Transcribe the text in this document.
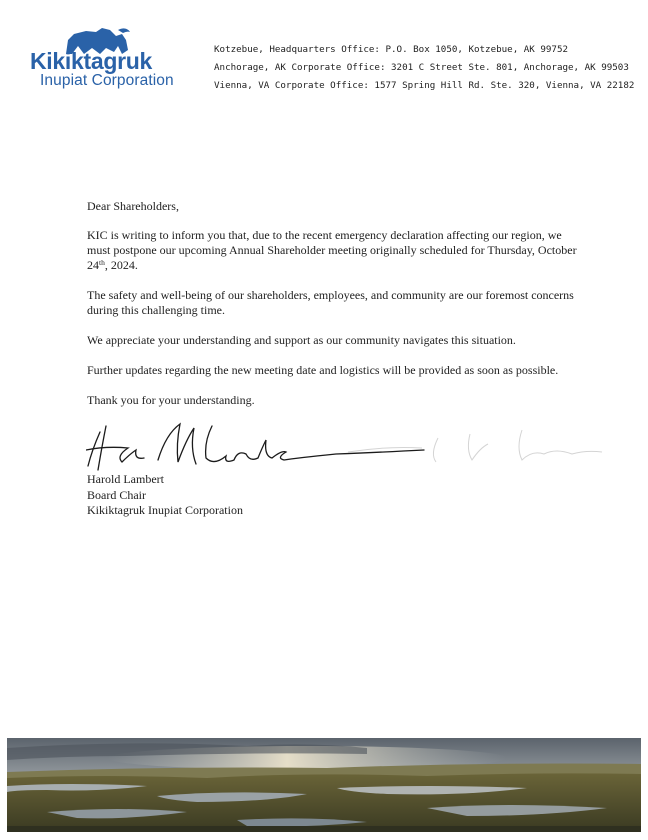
Kikiktagruk
Inupiat Corporation
Kotzebue, Headquarters Office: P.O. Box 1050, Kotzebue, AK 99752
Anchorage, AK Corporate Office: 3201 C Street Ste. 801, Anchorage, AK 99503
Vienna, VA Corporate Office: 1577 Spring Hill Rd. Ste. 320, Vienna, VA 22182

Dear Shareholders,

KIC is writing to inform you that, due to the recent emergency declaration affecting our region, we must postpone our upcoming Annual Shareholder meeting originally scheduled for Thursday, October 24th, 2024.

The safety and well-being of our shareholders, employees, and community are our foremost concerns during this challenging time.

We appreciate your understanding and support as our community navigates this situation.

Further updates regarding the new meeting date and logistics will be provided as soon as possible.

Thank you for your understanding.

Harold Lambert
Board Chair
Kikiktagruk Inupiat Corporation
